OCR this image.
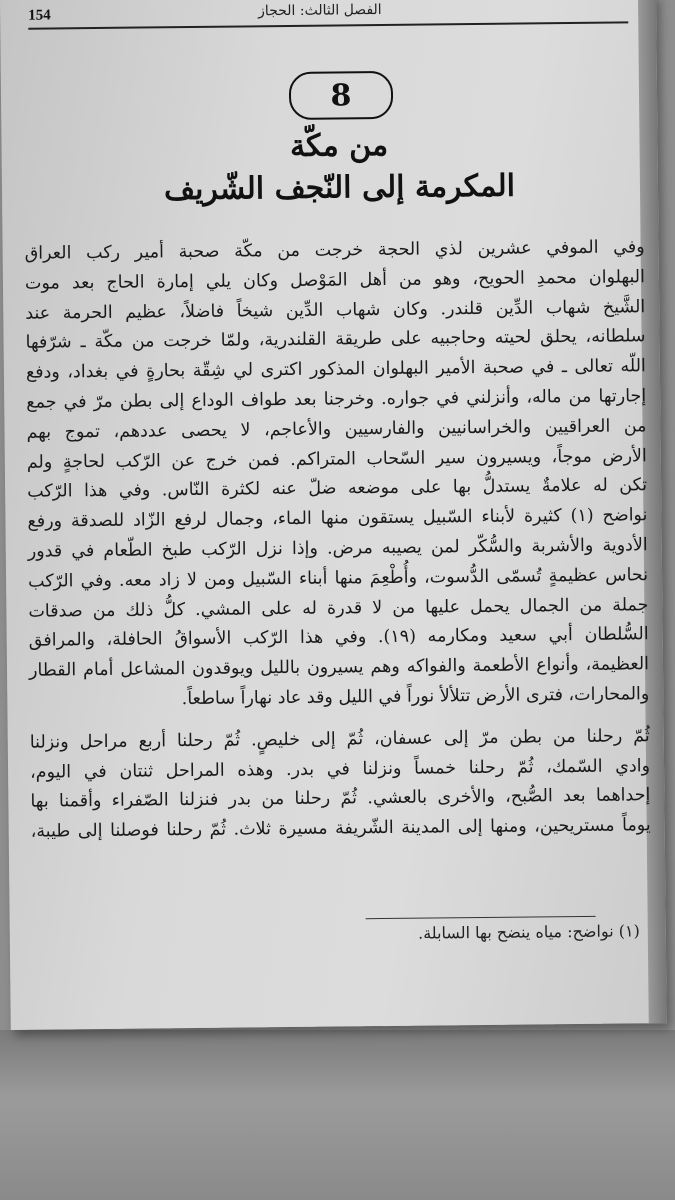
154	الفصل الثالث: الحجاز
8
من مكّة
المكرمة إلى النّجف الشّريف
وفي الموفي عشرين لذي الحجة خرجت من مكّة صحبة أمير ركب العراق
البهلوان محمدِ الحويح، وهو من أهل المَوْصل وكان يلي إمارة الحاج بعد موت
الشَّيخ شهاب الدِّين قلندر. وكان شهاب الدِّين شيخاً فاضلاً، عظيم الحرمة عند
سلطانه، يحلق لحيته وحاجبيه على طريقة القلندرية، ولمّا خرجت من مكّة ـ شرّفها
اللّه تعالى ـ في صحبة الأمير البهلوان المذكور اكترى لي شِقّة بحارةٍ في بغداد، ودفع
إجارتها من ماله، وأنزلني في جواره. وخرجنا بعد طواف الوداع إلى بطن مرّ في جمع
من العراقيين والخراسانيين والفارسيين والأعاجم، لا يحصى عددهم، تموج بهم
الأرض موجاً، ويسيرون سير السّحاب المتراكم. فمن خرج عن الرّكب لحاجةٍ ولم
تكن له علامةٌ يستدلُّ بها على موضعه ضلّ عنه لكثرة النّاس. وفي هذا الرّكب
نواضح (١) كثيرة لأبناء السّبيل يستقون منها الماء، وجمال لرفع الزّاد للصدقة ورفع
الأدوية والأشربة والسُّكّر لمن يصيبه مرض. وإذا نزل الرّكب طبخ الطّعام في قدور
نحاس عظيمةٍ تُسمّى الدُّسوت، وأُطْعِمَ منها أبناء السّبيل ومن لا زاد معه. وفي الرّكب
جملة من الجمال يحمل عليها من لا قدرة له على المشي. كلُّ ذلك من صدقات
السُّلطان أبي سعيد ومكارمه (١٩). وفي هذا الرّكب الأسواقُ الحافلة، والمرافق
العظيمة، وأنواع الأطعمة والفواكه وهم يسيرون بالليل ويوقدون المشاعل أمام القطار
والمحارات، فترى الأرض تتلألأ نوراً في الليل وقد عاد نهاراً ساطعاً.
ثُمّ رحلنا من بطن مرّ إلى عسفان، ثُمّ إلى خليصٍ. ثُمّ رحلنا أربع مراحل ونزلنا
وادي السّمك، ثُمّ رحلنا خمساً ونزلنا في بدر. وهذه المراحل ثنتان في اليوم،
إحداهما بعد الصُّبح، والأخرى بالعشي. ثُمّ رحلنا من بدر فنزلنا الصّفراء وأقمنا بها
يوماً مستريحين، ومنها إلى المدينة الشّريفة مسيرة ثلاث. ثُمّ رحلنا فوصلنا إلى طيبة،
(١) نواضح: مياه ينضح بها السابلة.
